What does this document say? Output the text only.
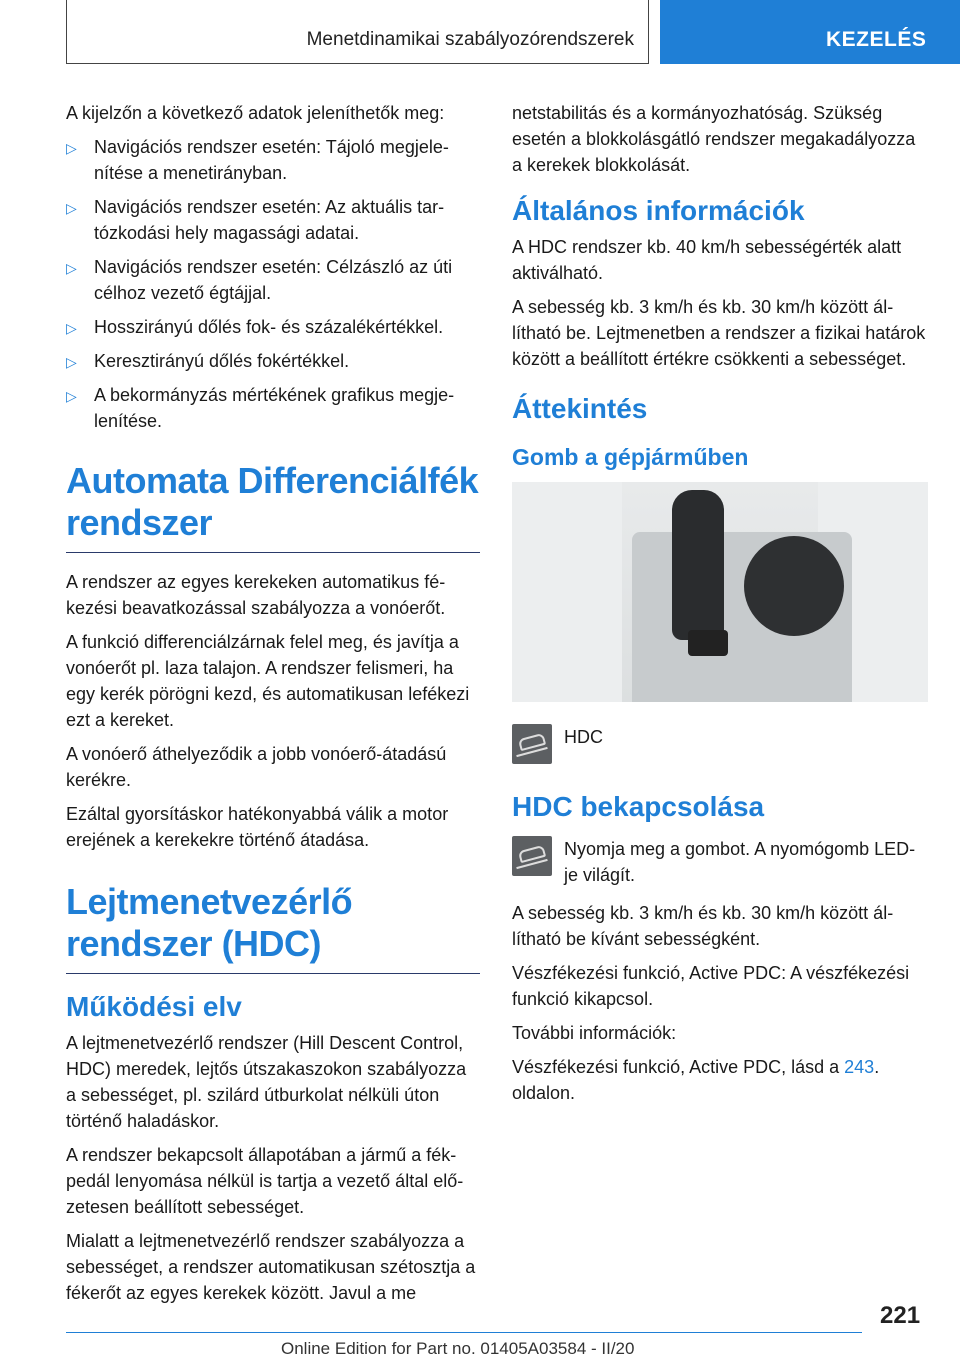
Menetdinamikai szabályozórendszerek	KEZELÉS

A kijelzőn a következő adatok jeleníthetők meg:

▷ Navigációs rendszer esetén: Tájoló megjelenítése a menetirányban.
▷ Navigációs rendszer esetén: Az aktuális tartózkodási hely magassági adatai.
▷ Navigációs rendszer esetén: Célzászló az úti célhoz vezető égtájjal.
▷ Hosszirányú dőlés fok- és százalékértékkel.
▷ Keresztirányú dőlés fokértékkel.
▷ A bekormányzás mértékének grafikus megjelenítése.
Automata Differenciálfék rendszer

A rendszer az egyes kerekeken automatikus fékezési beavatkozással szabályozza a vonóerőt.

A funkció differenciálzárnak felel meg, és javítja a vonóerőt pl. laza talajon. A rendszer felismeri, ha egy kerék pörögni kezd, és automatikusan lefékezi ezt a kereket.

A vonóerő áthelyeződik a jobb vonóerő-átadású kerékre.

Ezáltal gyorsításkor hatékonyabbá válik a motor erejének a kerekekre történő átadása.

Lejtmenetvezérlő rendszer (HDC)
Működési elv

A lejtmenetvezérlő rendszer (Hill Descent Control, HDC) meredek, lejtős útszakaszokon szabályozza a sebességet, pl. szilárd útburkolat nélküli úton történő haladáskor.

A rendszer bekapcsolt állapotában a jármű a fékpedál lenyomása nélkül is tartja a vezető által előzetesen beállított sebességet.

Mialatt a lejtmenetvezérlő rendszer szabályozza a sebességet, a rendszer automatikusan szétosztja a fékerőt az egyes kerekek között. Javul a me

netstabilitás és a kormányozhatóság. Szükség esetén a blokkolásgátló rendszer megakadályozza a kerekek blokkolását.

Általános információk

A HDC rendszer kb. 40 km/h sebességérték alatt aktiválható.

A sebesség kb. 3 km/h és kb. 30 km/h között állítható be. Lejtmenetben a rendszer a fizikai határok között a beállított értékre csökkenti a sebességet.

Áttekintés
Gomb a gépjárműben

HDC

HDC bekapcsolása

Nyomja meg a gombot. A nyomógomb LED-je világít.

A sebesség kb. 3 km/h és kb. 30 km/h között állítható be kívánt sebességként.

Vészfékezési funkció, Active PDC: A vészfékezési funkció kikapcsol.

További információk:

Vészfékezési funkció, Active PDC, lásd a 243.
oldalon.

221
Online Edition for Part no. 01405A03584 - II/20
